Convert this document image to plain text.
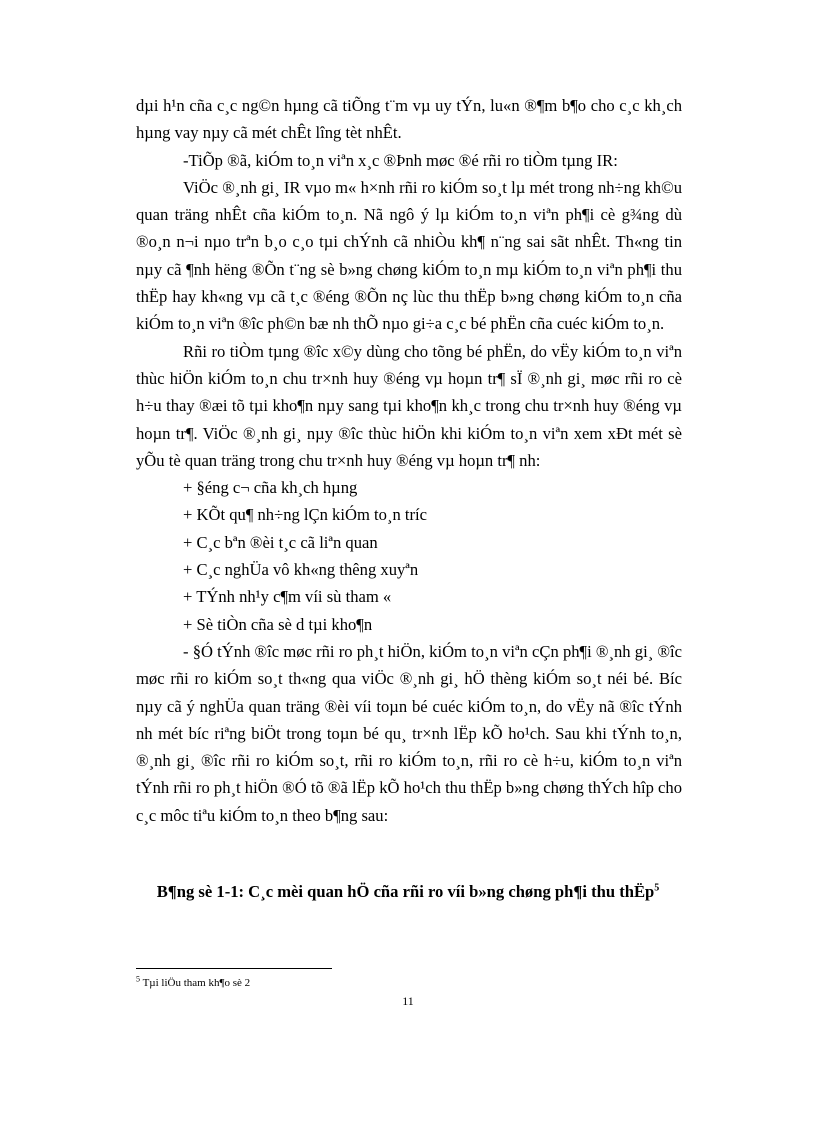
dµi h¹n cña c¸c ng©n hµng cã tiÕng t¨m vµ uy tÝn, lu«n ®¶m b¶o cho c¸c kh¸ch hµng vay nµy cã mét chÊt lîng tèt nhÊt.

-TiÕp ®ã, kiÓm to¸n viªn x¸c ®Þnh møc ®é rñi ro tiÒm tµng IR:

ViÖc ®¸nh gi¸ IR vµo m« h×nh rñi ro kiÓm so¸t lµ mét trong nh÷ng kh©u quan träng nhÊt cña kiÓm to¸n. Nã ngô ý lµ kiÓm to¸n viªn ph¶i cè g¾ng dù ®o¸n n¬i nµo trªn b¸o c¸o tµi chÝnh cã nhiÒu kh¶ n¨ng sai sãt nhÊt. Th«ng tin nµy cã ¶nh hëng ®Õn t¨ng sè b»ng chøng kiÓm to¸n mµ kiÓm to¸n viªn ph¶i thu thËp hay kh«ng vµ cã t¸c ®éng ®Õn nç lùc thu thËp b»ng chøng kiÓm to¸n cña kiÓm to¸n viªn ®îc ph©n bæ nh thÕ nµo gi÷a c¸c bé phËn cña cuéc kiÓm to¸n.

Rñi ro tiÒm tµng ®îc x©y dùng cho tõng bé phËn, do vËy kiÓm to¸n viªn thùc hiÖn kiÓm to¸n chu tr×nh huy ®éng vµ hoµn tr¶ sÏ ®¸nh gi¸ møc rñi ro cè h÷u thay ®æi tõ tµi kho¶n nµy sang tµi kho¶n kh¸c trong chu tr×nh huy ®éng vµ hoµn tr¶. ViÖc ®¸nh gi¸ nµy ®îc thùc hiÖn khi kiÓm to¸n viªn xem xÐt mét sè yÕu tè quan träng trong chu tr×nh huy ®éng vµ hoµn tr¶ nh:

+ §éng c¬ cña kh¸ch hµng

+ KÕt qu¶ nh÷ng lÇn kiÓm to¸n tríc

+ C¸c bªn ®èi t¸c cã liªn quan

+ C¸c nghÜa vô kh«ng thêng xuyªn

+ TÝnh nh¹y c¶m víi sù tham «

+ Sè tiÒn cña sè d tµi kho¶n

- §Ó tÝnh ®îc møc rñi ro ph¸t hiÖn, kiÓm to¸n viªn cÇn ph¶i ®¸nh gi¸ ®îc møc rñi ro kiÓm so¸t th«ng qua viÖc ®¸nh gi¸ hÖ thèng kiÓm so¸t néi bé. Bíc nµy cã ý nghÜa quan träng ®èi víi toµn bé cuéc kiÓm to¸n, do vËy nã ®îc tÝnh nh mét bíc riªng biÖt trong toµn bé qu¸ tr×nh lËp kÕ ho¹ch. Sau khi tÝnh to¸n, ®¸nh gi¸ ®îc rñi ro kiÓm so¸t, rñi ro kiÓm to¸n, rñi ro cè h÷u, kiÓm to¸n viªn tÝnh rñi ro ph¸t hiÖn ®Ó tõ ®ã lËp kÕ ho¹ch thu thËp b»ng chøng thÝch hîp cho c¸c môc tiªu kiÓm to¸n theo b¶ng sau:

B¶ng sè 1-1: C¸c mèi quan hÖ cña rñi ro víi b»ng chøng ph¶i thu thËp$^5$
$^5$ Tµi liÖu tham kh¶o sè 2
11
